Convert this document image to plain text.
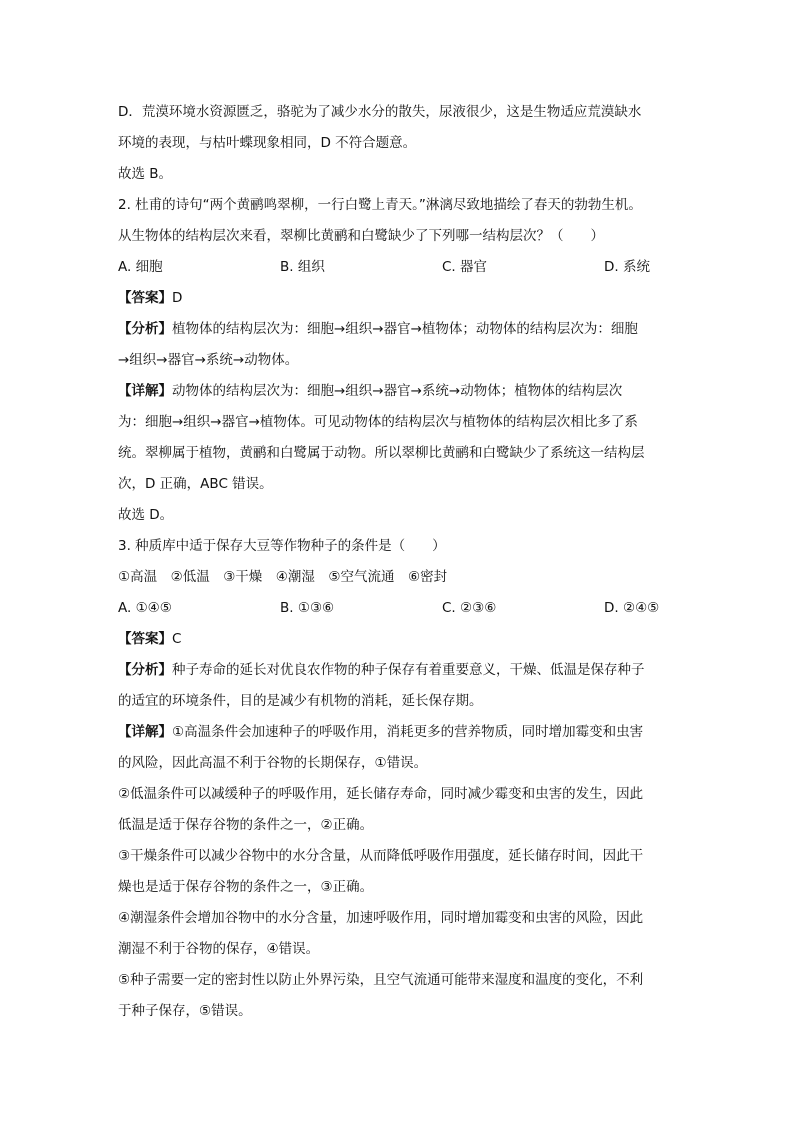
D．荒漠环境水资源匮乏，骆驼为了减少水分的散失，尿液很少，这是生物适应荒漠缺水
环境的表现，与枯叶蝶现象相同，D 不符合题意。
故选 B。
2. 杜甫的诗句“两个黄鹂鸣翠柳，一行白鹭上青天。”淋漓尽致地描绘了春天的勃勃生机。
从生物体的结构层次来看，翠柳比黄鹂和白鹭缺少了下列哪一结构层次？（　　）
A. 细胞	B. 组织	C. 器官	D. 系统
【答案】D
【分析】植物体的结构层次为：细胞→组织→器官→植物体；动物体的结构层次为：细胞
→组织→器官→系统→动物体。
【详解】动物体的结构层次为：细胞→组织→器官→系统→动物体；植物体的结构层次
为：细胞→组织→器官→植物体。可见动物体的结构层次与植物体的结构层次相比多了系
统。翠柳属于植物，黄鹂和白鹭属于动物。所以翠柳比黄鹂和白鹭缺少了系统这一结构层
次，D 正确，ABC 错误。
故选 D。
3. 种质库中适于保存大豆等作物种子的条件是（　　）
①高温　②低温　③干燥　④潮湿　⑤空气流通　⑥密封
A. ①④⑤	B. ①③⑥	C. ②③⑥	D. ②④⑤
【答案】C
【分析】种子寿命的延长对优良农作物的种子保存有着重要意义，干燥、低温是保存种子
的适宜的环境条件，目的是减少有机物的消耗，延长保存期。
【详解】①高温条件会加速种子的呼吸作用，消耗更多的营养物质，同时增加霉变和虫害
的风险，因此高温不利于谷物的长期保存，①错误。
②低温条件可以减缓种子的呼吸作用，延长储存寿命，同时减少霉变和虫害的发生，因此
低温是适于保存谷物的条件之一，②正确。
③干燥条件可以减少谷物中的水分含量，从而降低呼吸作用强度，延长储存时间，因此干
燥也是适于保存谷物的条件之一，③正确。
④潮湿条件会增加谷物中的水分含量，加速呼吸作用，同时增加霉变和虫害的风险，因此
潮湿不利于谷物的保存，④错误。
⑤种子需要一定的密封性以防止外界污染，且空气流通可能带来湿度和温度的变化，不利
于种子保存，⑤错误。
